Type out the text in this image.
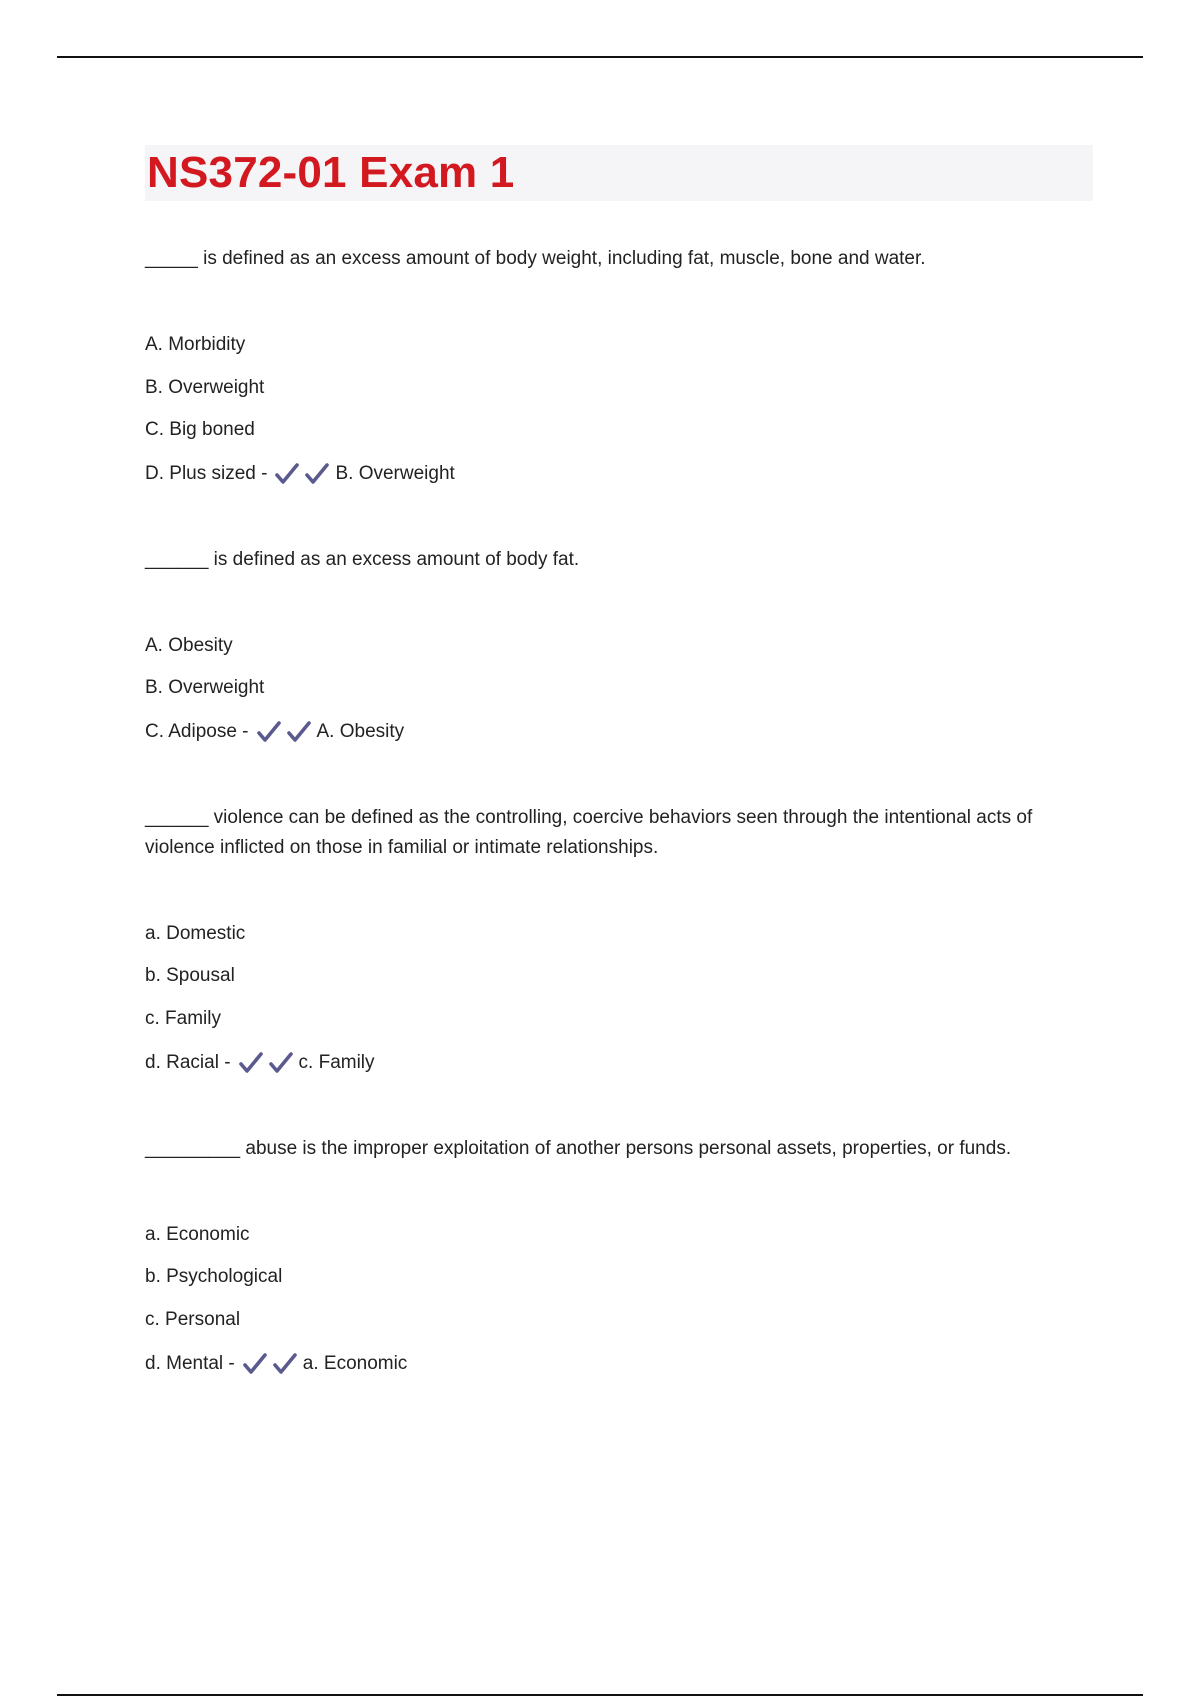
NS372-01 Exam 1

_____ is defined as an excess amount of body weight, including fat, muscle, bone and water.

A. Morbidity
B. Overweight
C. Big boned
D. Plus sized -	B. Overweight

______ is defined as an excess amount of body fat.

A. Obesity
B. Overweight
C. Adipose -	A. Obesity

______ violence can be defined as the controlling, coercive behaviors seen through the intentional acts of violence inflicted on those in familial or intimate relationships.

a. Domestic
b. Spousal
c. Family
d. Racial -	c. Family

_________ abuse is the improper exploitation of another persons personal assets, properties, or funds.

a. Economic
b. Psychological
c. Personal
d. Mental -	a. Economic
